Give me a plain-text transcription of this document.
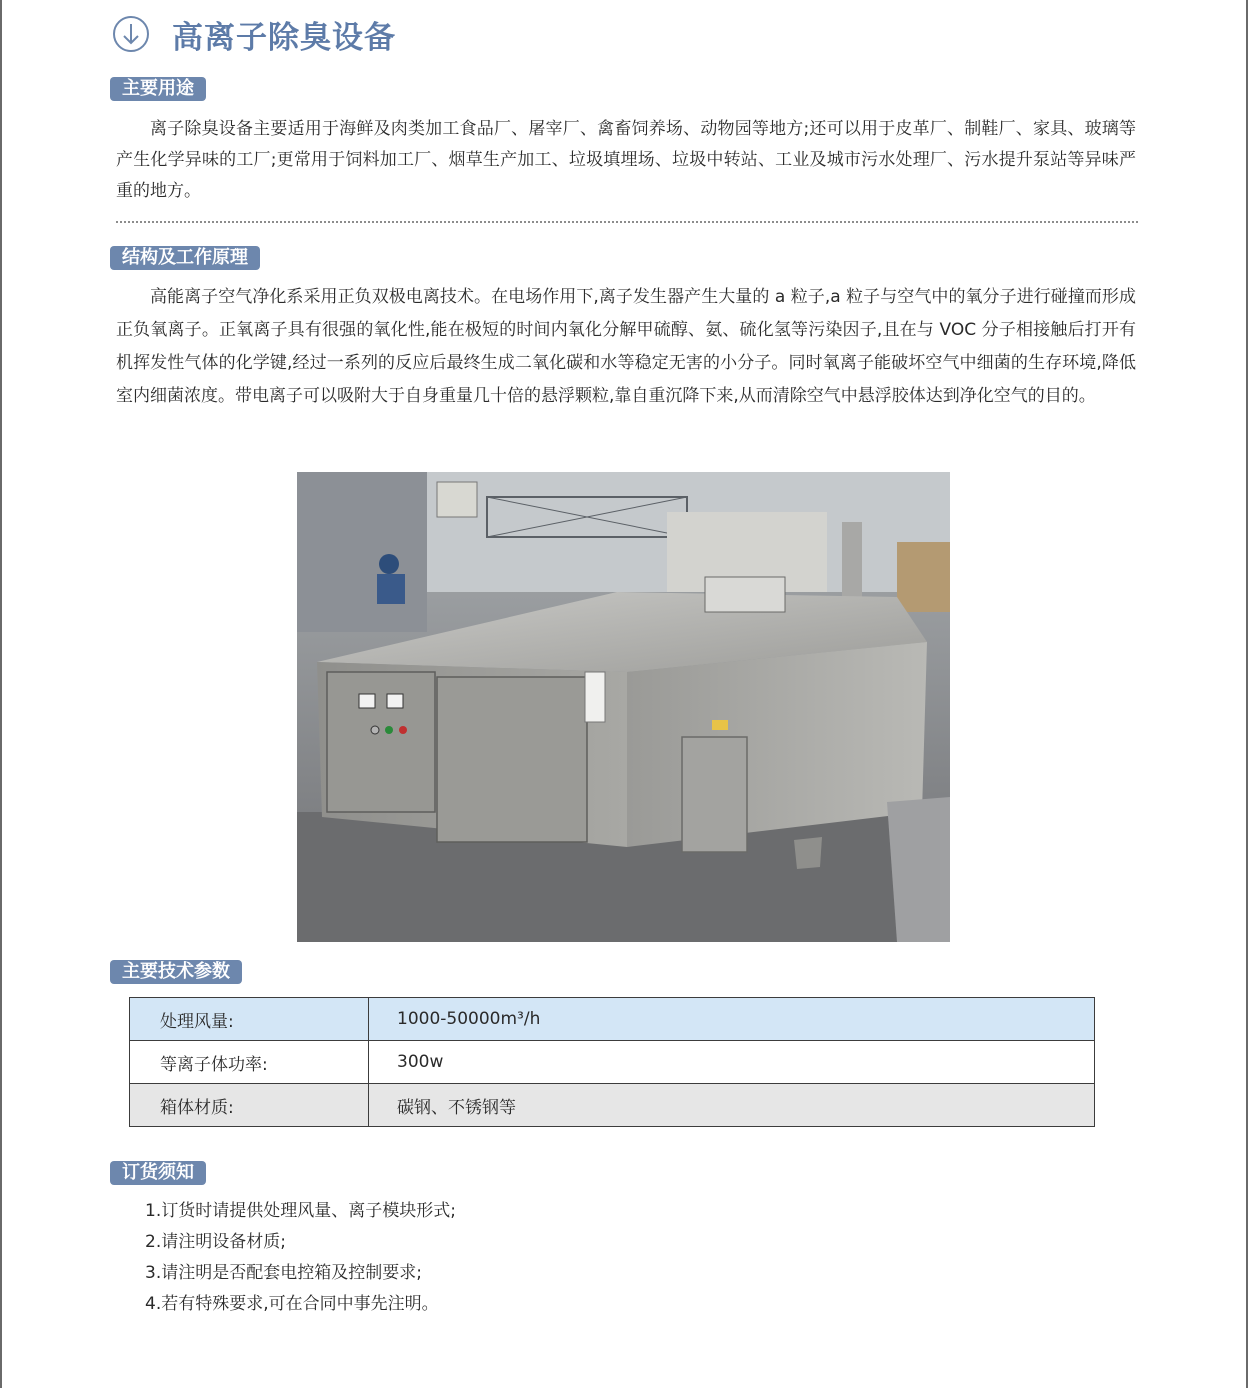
高离子除臭设备
主要用途

离子除臭设备主要适用于海鲜及肉类加工食品厂、屠宰厂、禽畜饲养场、动物园等地方;还可以用于皮革厂、制鞋厂、家具、玻璃等产生化学异味的工厂;更常用于饲料加工厂、烟草生产加工、垃圾填埋场、垃圾中转站、工业及城市污水处理厂、污水提升泵站等异味严重的地方。

结构及工作原理

高能离子空气净化系采用正负双极电离技术。在电场作用下,离子发生器产生大量的 a 粒子,a 粒子与空气中的氧分子进行碰撞而形成正负氧离子。正氧离子具有很强的氧化性,能在极短的时间内氧化分解甲硫醇、氨、硫化氢等污染因子,且在与 VOC 分子相接触后打开有机挥发性气体的化学键,经过一系列的反应后最终生成二氧化碳和水等稳定无害的小分子。同时氧离子能破坏空气中细菌的生存环境,降低室内细菌浓度。带电离子可以吸附大于自身重量几十倍的悬浮颗粒,靠自重沉降下来,从而清除空气中悬浮胶体达到净化空气的目的。

主要技术参数
处理风量:	1000-50000m³/h
等离子体功率:	300w
箱体材质:	碳钢、不锈钢等
订货须知
1.订货时请提供处理风量、离子模块形式;
2.请注明设备材质;
3.请注明是否配套电控箱及控制要求;
4.若有特殊要求,可在合同中事先注明。
